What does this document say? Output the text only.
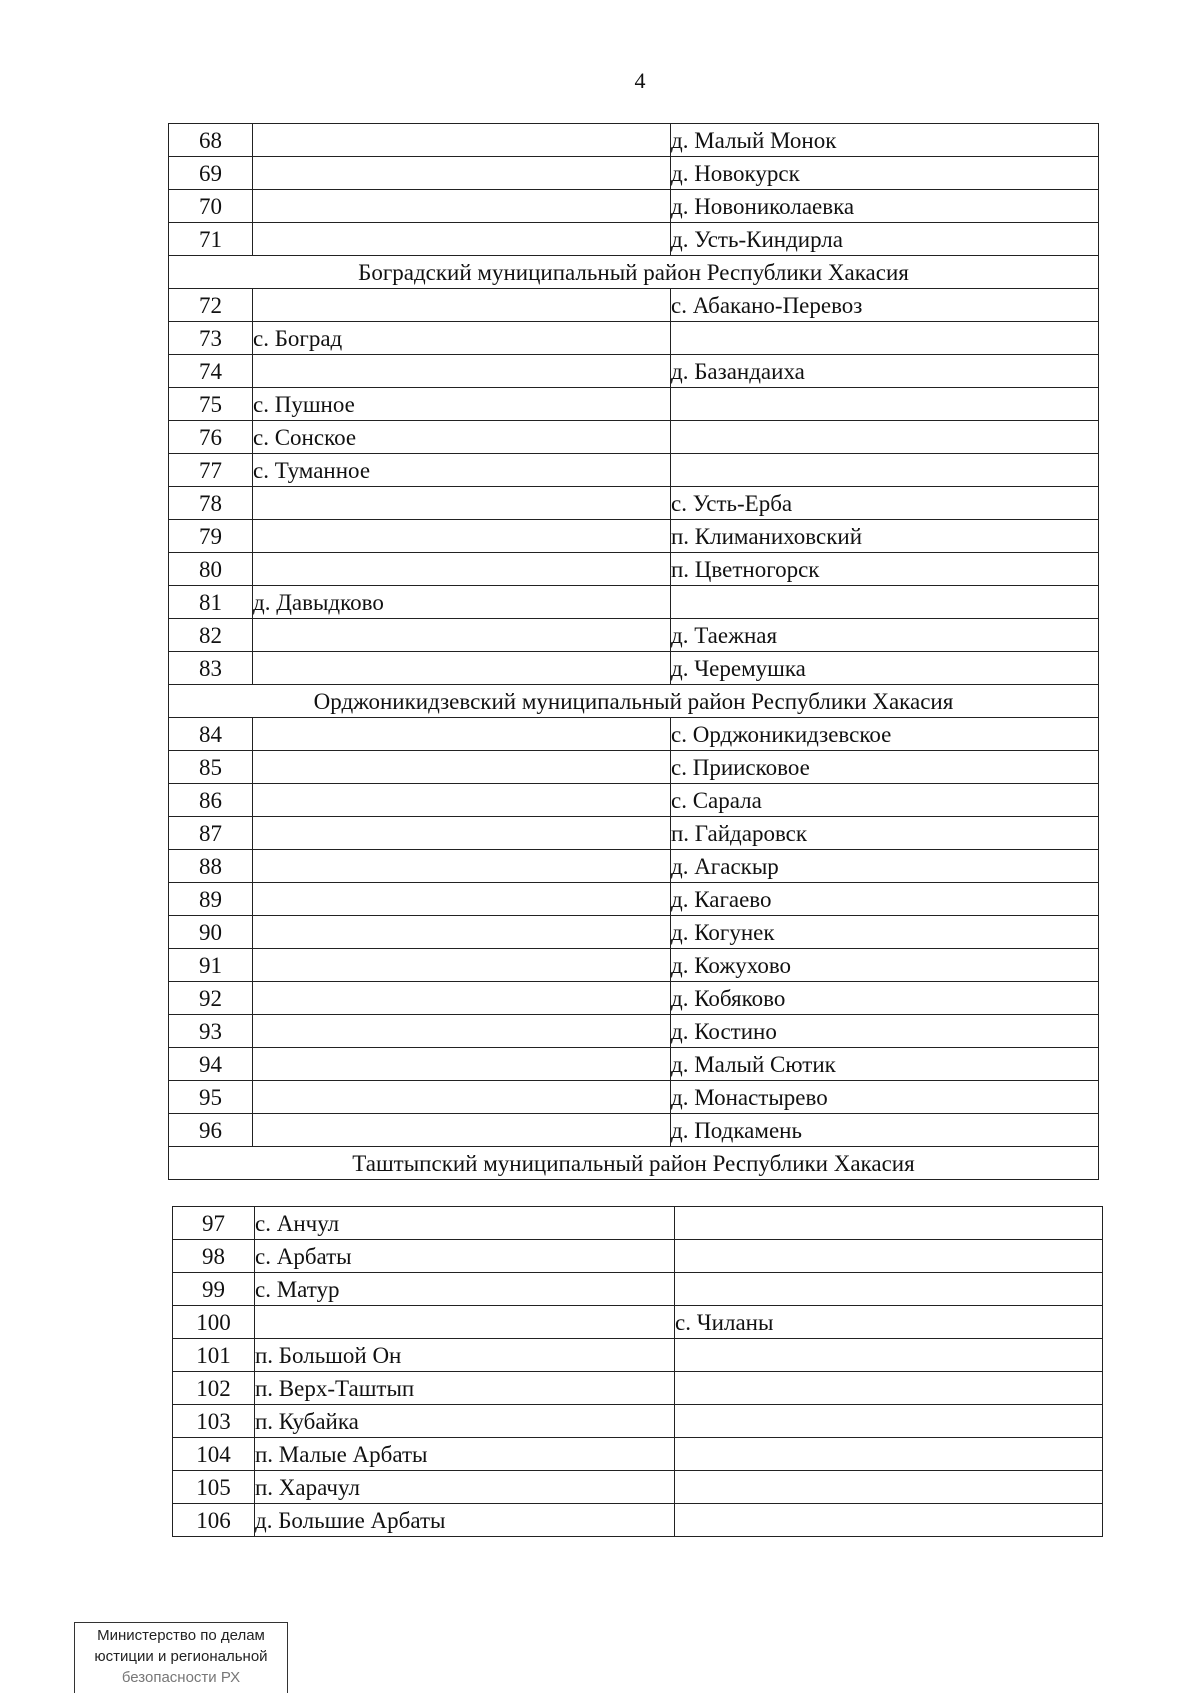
4
68		д. Малый Монок
69		д. Новокурск
70		д. Новониколаевка
71		д. Усть-Киндирла
Боградский муниципальный район Республики Хакасия		
72		с. Абакано-Перевоз
73	с. Боград	
74		д. Базандаиха
75	с. Пушное	
76	с. Сонское	
77	с. Туманное	
78		с. Усть-Ерба
79		п. Климаниховский
80		п. Цветногорск
81	д. Давыдково	
82		д. Таежная
83		д. Черемушка
Орджоникидзевский муниципальный район Республики Хакасия		
84		с. Орджоникидзевское
85		с. Приисковое
86		с. Сарала
87		п. Гайдаровск
88		д. Агаскыр
89		д. Кагаево
90		д. Когунек
91		д. Кожухово
92		д. Кобяково
93		д. Костино
94		д. Малый Сютик
95		д. Монастырево
96		д. Подкамень
Таштыпский муниципальный район Республики Хакасия		
97	с. Анчул	
98	с. Арбаты	
99	с. Матур	
100		с. Чиланы
101	п. Большой Он	
102	п. Верх-Таштып	
103	п. Кубайка	
104	п. Малые Арбаты	
105	п. Харачул	
106	д. Большие Арбаты	
Министерство по делам
юстиции и региональной
безопасности РХ
